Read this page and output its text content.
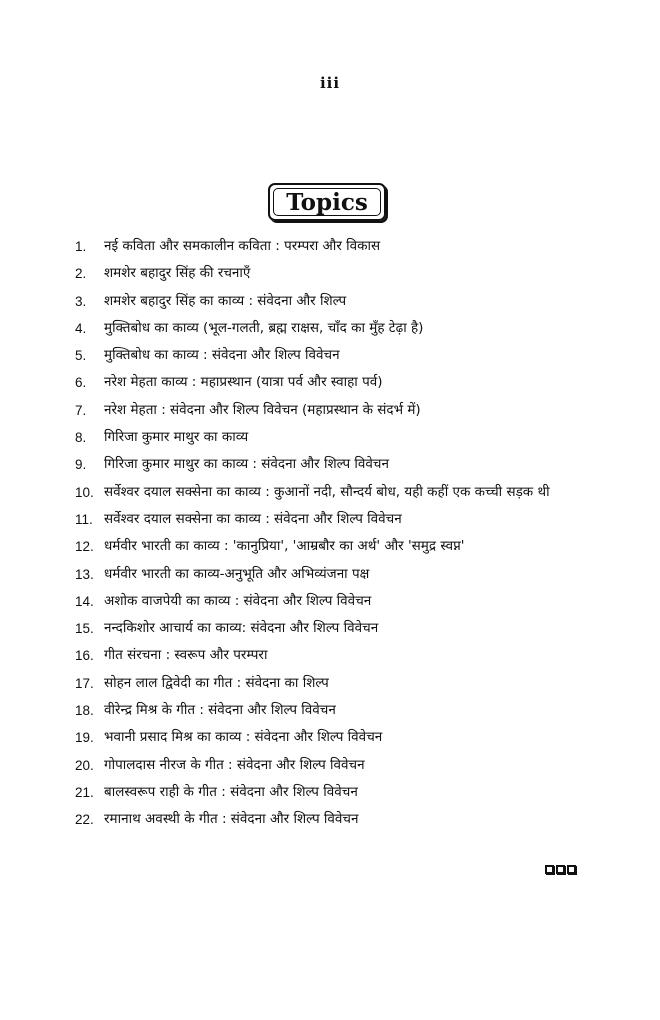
iii
Topics
1.	नई कविता और समकालीन कविता : परम्परा और विकास
2.	शमशेर बहादुर सिंह की रचनाएँ
3.	शमशेर बहादुर सिंह का काव्य : संवेदना और शिल्प
4.	मुक्तिबोध का काव्य (भूल-गलती, ब्रह्म राक्षस, चाँद का मुँह टेढ़ा है)
5.	मुक्तिबोध का काव्य : संवेदना और शिल्प विवेचन
6.	नरेश मेहता काव्य : महाप्रस्थान (यात्रा पर्व और स्वाहा पर्व)
7.	नरेश मेहता : संवेदना और शिल्प विवेचन (महाप्रस्थान के संदर्भ में)
8.	गिरिजा कुमार माथुर का काव्य
9.	गिरिजा कुमार माथुर का काव्य : संवेदना और शिल्प विवेचन
10. सर्वेश्वर दयाल सक्सेना का काव्य : कुआनों नदी, सौन्दर्य बोध, यही कहीं एक कच्ची सड़क थी
11. सर्वेश्वर दयाल सक्सेना का काव्य : संवेदना और शिल्प विवेचन
12. धर्मवीर भारती का काव्य : 'कानुप्रिया', 'आम्रबौर का अर्थ' और 'समुद्र स्वप्न'
13. धर्मवीर भारती का काव्य-अनुभूति और अभिव्यंजना पक्ष
14. अशोक वाजपेयी का काव्य : संवेदना और शिल्प विवेचन
15. नन्दकिशोर आचार्य का काव्य: संवेदना और शिल्प विवेचन
16. गीत संरचना : स्वरूप और परम्परा
17. सोहन लाल द्विवेदी का गीत : संवेदना का शिल्प
18. वीरेन्द्र मिश्र के गीत : संवेदना और शिल्प विवेचन
19. भवानी प्रसाद मिश्र का काव्य : संवेदना और शिल्प विवेचन
20. गोपालदास नीरज के गीत : संवेदना और शिल्प विवेचन
21. बालस्वरूप राही के गीत : संवेदना और शिल्प विवेचन
22. रमानाथ अवस्थी के गीत : संवेदना और शिल्प विवेचन
